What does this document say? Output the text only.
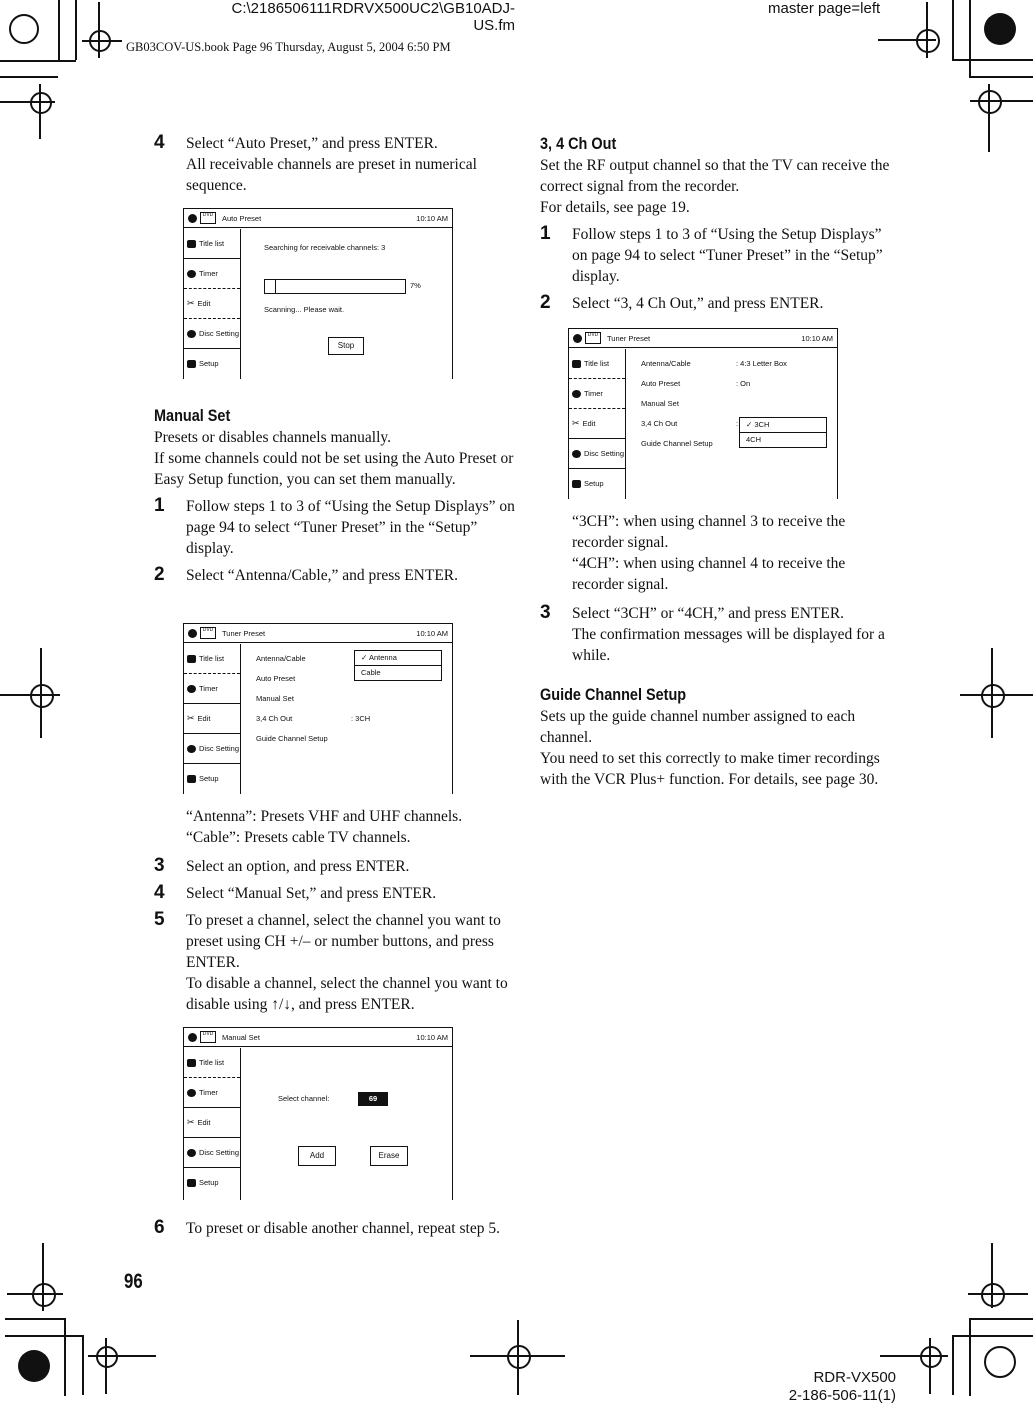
C:\2186506111RDRVX500UC2\GB10ADJ-
US.fm
GB03COV-US.book Page 96 Thursday, August 5, 2004 6:50 PM
master page=left
4 Select “Auto Preset,” and press ENTER.

All receivable channels are preset in numerical sequence.

DVD	Auto Preset	10:10 AM
Title list
Timer
✂ Edit
Disc Setting
Setup
Searching for receivable channels: 3
7%
Scanning... Please wait.
Stop
Manual Set

Presets or disables channels manually.

If some channels could not be set using the Auto Preset or Easy Setup function, you can set them manually.

1 Follow steps 1 to 3 of “Using the Setup Displays” on page 94 to select “Tuner Preset” in the “Setup” display.

2 Select “Antenna/Cable,” and press ENTER.

DVD	Tuner Preset	10:10 AM
Title list
Timer
✂ Edit
Disc Setting
Setup
Antenna/Cable
Auto Preset
Manual Set
3,4 Ch Out	: 3CH
Guide Channel Setup
✓ Antenna
Cable

“Antenna”: Presets VHF and UHF channels.

“Cable”: Presets cable TV channels.

3 Select an option, and press ENTER.

4 Select “Manual Set,” and press ENTER.

5 To preset a channel, select the channel you want to preset using CH +/– or number buttons, and press ENTER.

To disable a channel, select the channel you want to disable using ↑/↓, and press ENTER.

DVD	Manual Set	10:10 AM
Title list
Timer
✂ Edit
Disc Setting
Setup
Select channel:	69
Add	Erase
6 To preset or disable another channel, repeat step 5.

96
3, 4 Ch Out

Set the RF output channel so that the TV can receive the correct signal from the recorder.

For details, see page 19.

1 Follow steps 1 to 3 of “Using the Setup Displays” on page 94 to select “Tuner Preset” in the “Setup” display.

2 Select “3, 4 Ch Out,” and press ENTER.

DVD	Tuner Preset	10:10 AM
Title list
Timer
✂ Edit
Disc Setting
Setup
Antenna/Cable	: 4:3 Letter Box
Auto Preset	: On
Manual Set
3,4 Ch Out	:
Guide Channel Setup
✓ 3CH
4CH

“3CH”: when using channel 3 to receive the recorder signal.

“4CH”: when using channel 4 to receive the recorder signal.

3 Select “3CH” or “4CH,” and press ENTER.

The confirmation messages will be displayed for a while.

Guide Channel Setup

Sets up the guide channel number assigned to each channel.

You need to set this correctly to make timer recordings with the VCR Plus+ function. For details, see page 30.

RDR-VX500
2-186-506-11(1)
